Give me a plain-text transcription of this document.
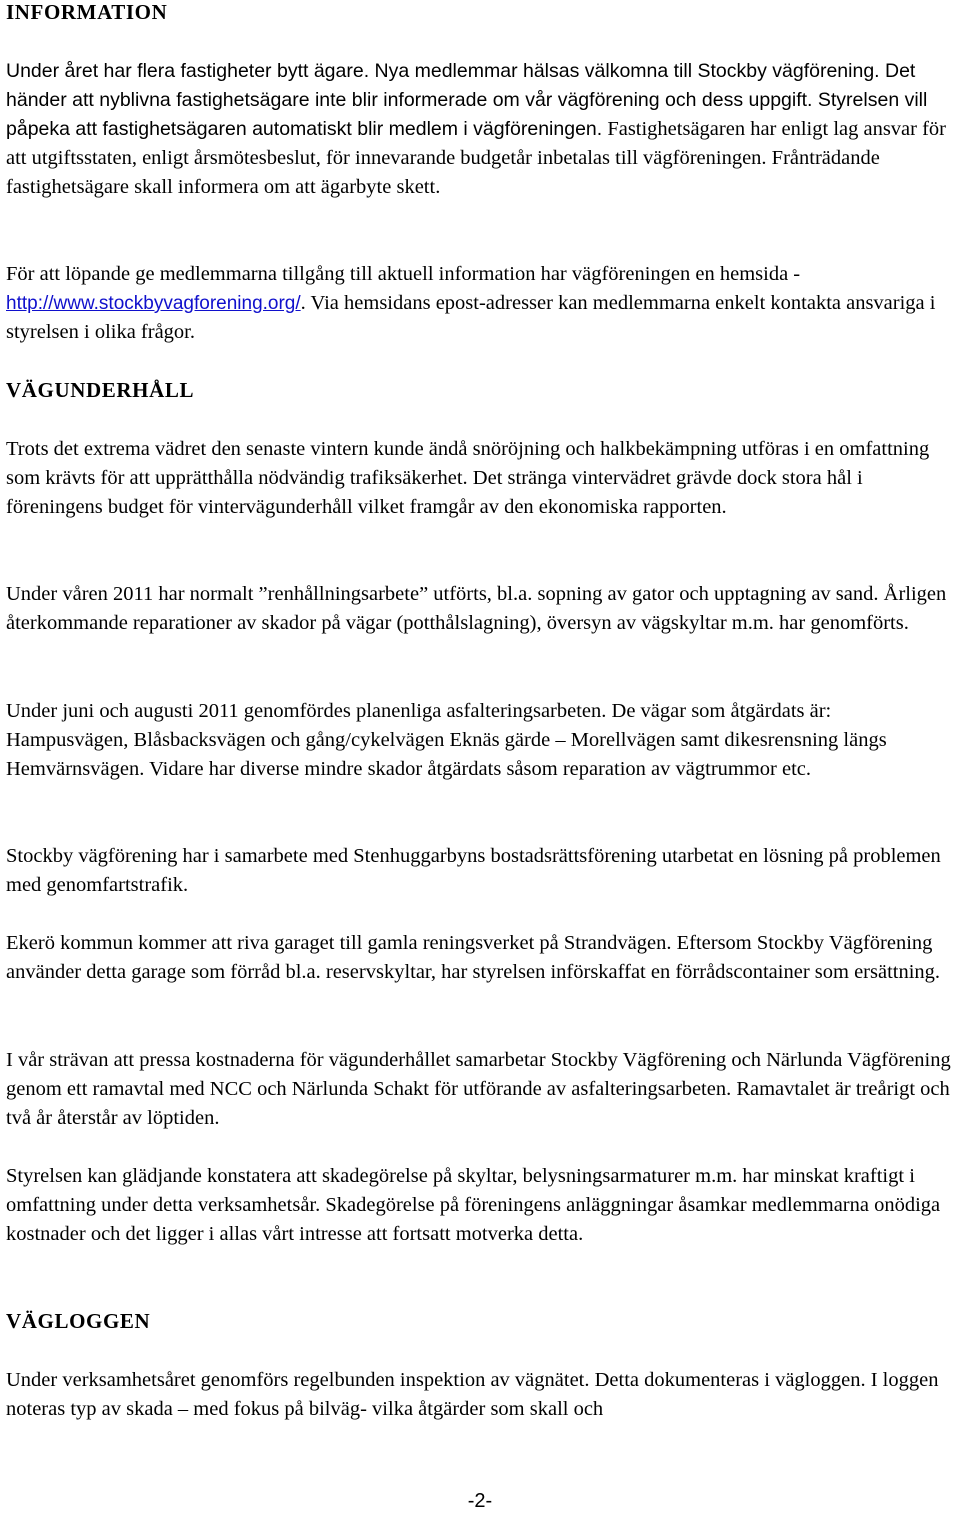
INFORMATION

Under året har flera fastigheter bytt ägare. Nya medlemmar hälsas välkomna till Stockby vägförening. Det händer att nyblivna fastighetsägare inte blir informerade om vår vägförening och dess uppgift. Styrelsen vill påpeka att fastighetsägaren automatiskt blir medlem i vägföreningen. Fastighetsägaren har enligt lag ansvar för att utgiftsstaten, enligt årsmötesbeslut, för innevarande budgetår inbetalas till vägföreningen. Frånträdande fastighetsägare skall informera om att ägarbyte skett.

För att löpande ge medlemmarna tillgång till aktuell information har vägföreningen en hemsida -http://www.stockbyvagforening.org/. Via hemsidans epost-adresser kan medlemmarna enkelt kontakta ansvariga i styrelsen i olika frågor.

VÄGUNDERHÅLL

Trots det extrema vädret den senaste vintern kunde ändå snöröjning och halkbekämpning utföras i en omfattning som krävts för att upprätthålla nödvändig trafiksäkerhet. Det stränga vintervädret grävde dock stora hål i föreningens budget för vintervägunderhåll vilket framgår av den ekonomiska rapporten.

Under våren 2011 har normalt ”renhållningsarbete” utförts, bl.a. sopning av gator och upptagning av sand. Årligen återkommande reparationer av skador på vägar (potthålslagning), översyn av vägskyltar m.m. har genomförts.

Under juni och augusti 2011 genomfördes planenliga asfalteringsarbeten. De vägar som åtgärdats är: Hampusvägen, Blåsbacksvägen och gång/cykelvägen Eknäs gärde – Morellvägen samt dikesrensning längs Hemvärnsvägen. Vidare har diverse mindre skador åtgärdats såsom reparation av vägtrummor etc.

Stockby vägförening har i samarbete med Stenhuggarbyns bostadsrättsförening utarbetat en lösning på problemen med genomfartstrafik.

Ekerö kommun kommer att riva garaget till gamla reningsverket på Strandvägen. Eftersom Stockby Vägförening använder detta garage som förråd bl.a. reservskyltar, har styrelsen införskaffat en förrådscontainer som ersättning.

I vår strävan att pressa kostnaderna för vägunderhållet samarbetar Stockby Vägförening och Närlunda Vägförening genom ett ramavtal med NCC och Närlunda Schakt för utförande av asfalteringsarbeten. Ramavtalet är treårigt och två år återstår av löptiden.

Styrelsen kan glädjande konstatera att skadegörelse på skyltar, belysningsarmaturer m.m. har minskat kraftigt i omfattning under detta verksamhetsår. Skadegörelse på föreningens anläggningar åsamkar medlemmarna onödiga kostnader och det ligger i allas vårt intresse att fortsatt motverka detta.

VÄGLOGGEN

Under verksamhetsåret genomförs regelbunden inspektion av vägnätet. Detta dokumenteras i vägloggen. I loggen noteras typ av skada – med fokus på bilväg- vilka åtgärder som skall och

-2-
